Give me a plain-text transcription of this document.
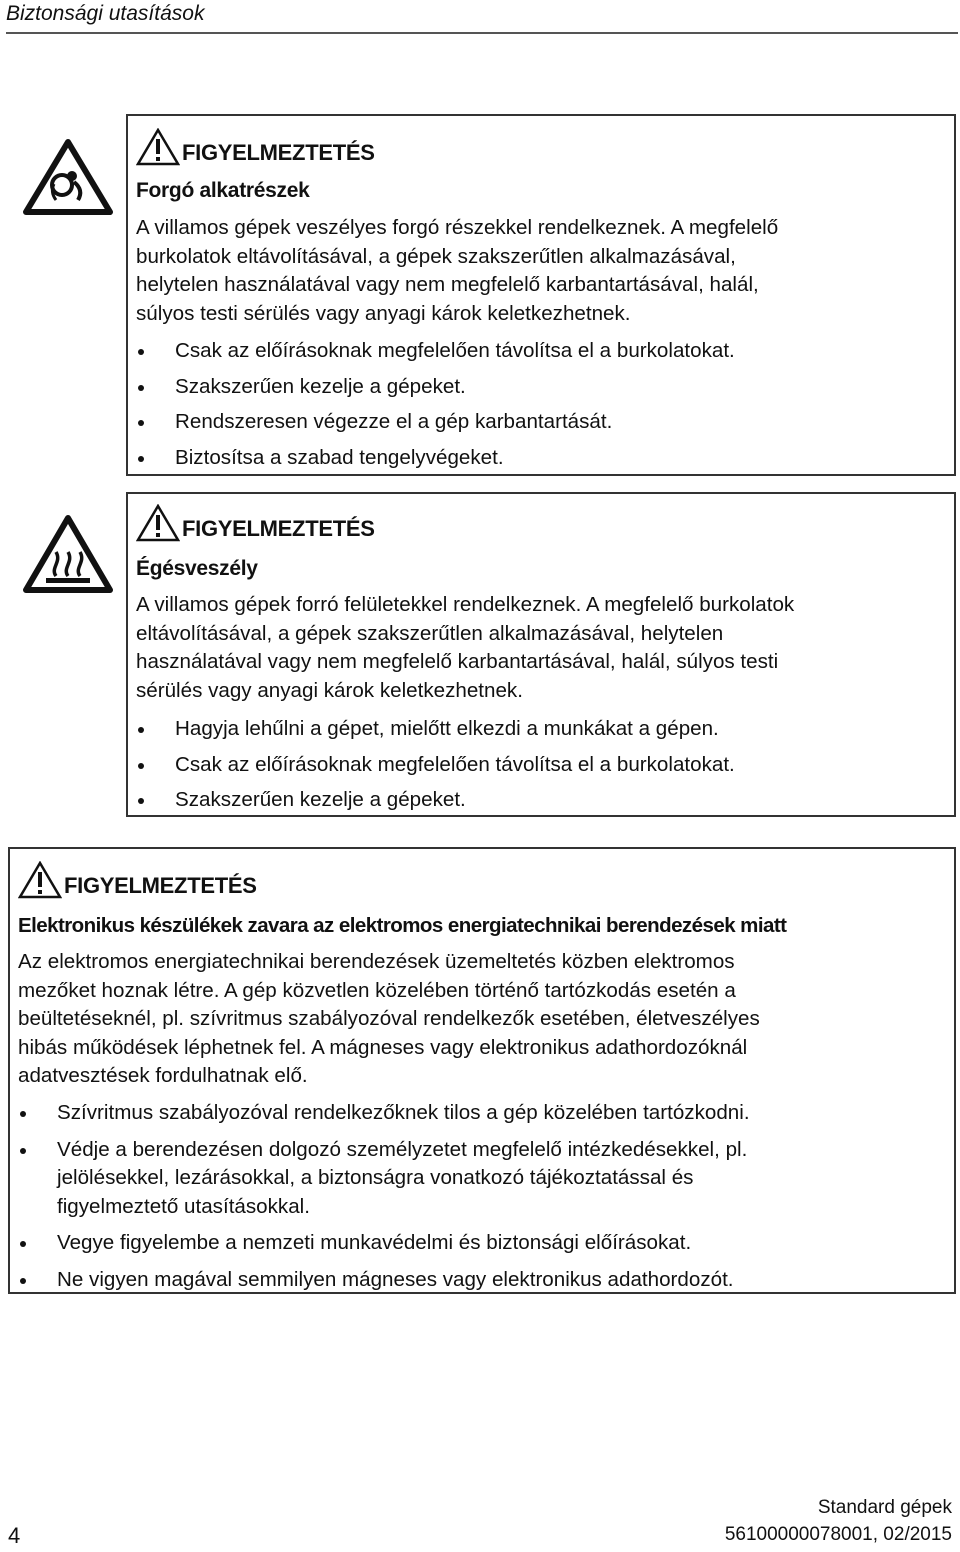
Biztonsági utasítások
FIGYELMEZTETÉS
Forgó alkatrészek
A villamos gépek veszélyes forgó részekkel rendelkeznek. A megfelelő
burkolatok eltávolításával, a gépek szakszerűtlen alkalmazásával,
helytelen használatával vagy nem megfelelő karbantartásával, halál,
súlyos testi sérülés vagy anyagi károk keletkezhetnek.
Csak az előírásoknak megfelelően távolítsa el a burkolatokat.
Szakszerűen kezelje a gépeket.
Rendszeresen végezze el a gép karbantartását.
Biztosítsa a szabad tengelyvégeket.
FIGYELMEZTETÉS
Égésveszély
A villamos gépek forró felületekkel rendelkeznek. A megfelelő burkolatok
eltávolításával, a gépek szakszerűtlen alkalmazásával, helytelen
használatával vagy nem megfelelő karbantartásával, halál, súlyos testi
sérülés vagy anyagi károk keletkezhetnek.
Hagyja lehűlni a gépet, mielőtt elkezdi a munkákat a gépen.
Csak az előírásoknak megfelelően távolítsa el a burkolatokat.
Szakszerűen kezelje a gépeket.
FIGYELMEZTETÉS
Elektronikus készülékek zavara az elektromos energiatechnikai berendezések miatt
Az elektromos energiatechnikai berendezések üzemeltetés közben elektromos
mezőket hoznak létre. A gép közvetlen közelében történő tartózkodás esetén a
beültetéseknél, pl. szívritmus szabályozóval rendelkezők esetében, életveszélyes
hibás működések léphetnek fel. A mágneses vagy elektronikus adathordozóknál
adatvesztések fordulhatnak elő.
Szívritmus szabályozóval rendelkezőknek tilos a gép közelében tartózkodni.
Védje a berendezésen dolgozó személyzetet megfelelő intézkedésekkel, pl.
jelölésekkel, lezárásokkal, a biztonságra vonatkozó tájékoztatással és
figyelmeztető utasításokkal.
Vegye figyelembe a nemzeti munkavédelmi és biztonsági előírásokat.
Ne vigyen magával semmilyen mágneses vagy elektronikus adathordozót.
4
Standard gépek
56100000078001, 02/2015
